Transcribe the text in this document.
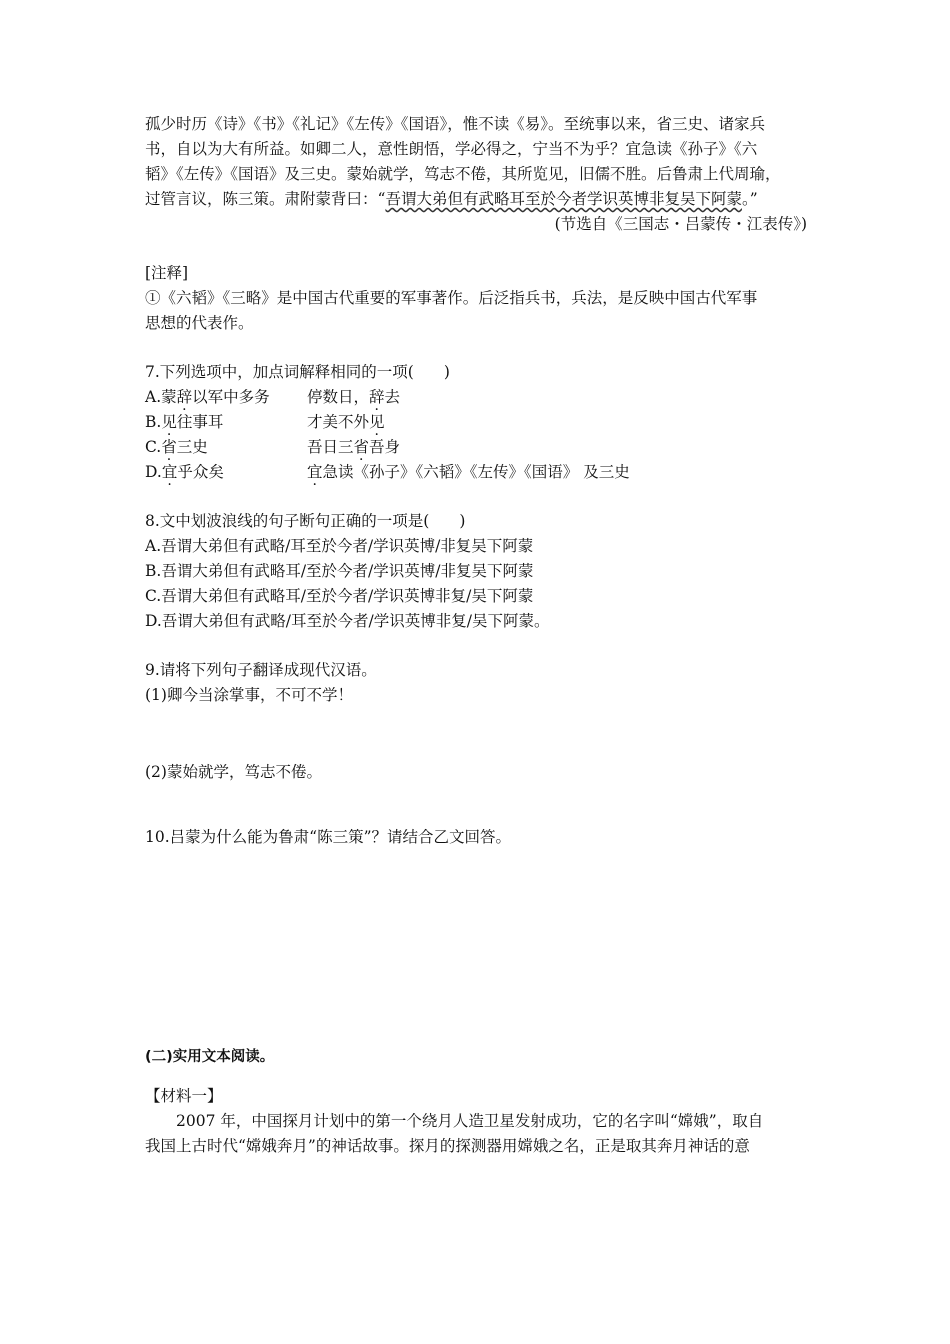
孤少时历《诗》《书》《礼记》《左传》《国语》，惟不读《易》。至统事以来，省三史、诸家兵
书，自以为大有所益。如卿二人，意性朗悟，学必得之，宁当不为乎？宜急读《孙子》《六
韬》《左传》《国语》及三史。蒙始就学，笃志不倦，其所览见，旧儒不胜。后鲁肃上代周瑜，
过管言议，陈三策。肃附蒙背曰：“吾谓大弟但有武略耳至於今者学识英博非复吴下阿蒙。”
(节选自《三国志・吕蒙传・江表传》)
[注释]
①《六韬》《三略》是中国古代重要的军事著作。后泛指兵书，兵法，是反映中国古代军事
思想的代表作。
7.下列选项中，加点词解释相同的一项( )
A.蒙辞以军中多务	停数日，辞去
B.见往事耳	才美不外见
C.省三史	吾日三省吾身
D.宜乎众矣	宜急读《孙子》《六韬》《左传》《国语》 及三史
8.文中划波浪线的句子断句正确的一项是( )
A.吾谓大弟但有武略/耳至於今者/学识英博/非复吴下阿蒙
B.吾谓大弟但有武略耳/至於今者/学识英博/非复吴下阿蒙
C.吾谓大弟但有武略耳/至於今者/学识英博非复/吴下阿蒙
D.吾谓大弟但有武略/耳至於今者/学识英博非复/吴下阿蒙。
9.请将下列句子翻译成现代汉语。
(1)卿今当涂掌事，不可不学！
(2)蒙始就学，笃志不倦。
10.吕蒙为什么能为鲁肃“陈三策”？请结合乙文回答。
(二)实用文本阅读。
【材料一】
2007 年，中国探月计划中的第一个绕月人造卫星发射成功，它的名字叫“嫦娥”，取自
我国上古时代“嫦娥奔月”的神话故事。探月的探测器用嫦娥之名，正是取其奔月神话的意
